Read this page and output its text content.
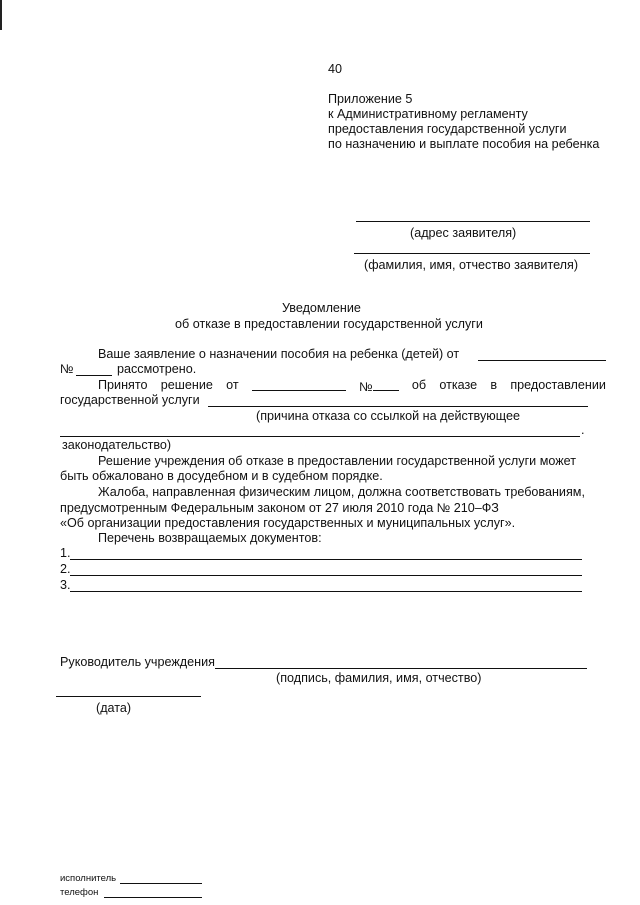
40
Приложение 5
к Административному регламенту
предоставления государственной услуги
по назначению и выплате пособия на ребенка
(адрес заявителя)
(фамилия, имя, отчество заявителя)
Уведомление
об отказе в предоставлении государственной услуги
Ваше заявление о назначении пособия на ребенка (детей) от
№	рассмотрено.
Принято решение от	№	об отказе в предоставлении
государственной услуги
(причина отказа со ссылкой на действующее
.
законодательство)
Решение учреждения об отказе в предоставлении государственной услуги может
быть обжаловано в досудебном и в судебном порядке.
Жалоба, направленная физическим лицом, должна соответствовать требованиям,
предусмотренным Федеральным законом от 27 июля 2010 года № 210–ФЗ
«Об организации предоставления государственных и муниципальных услуг».
Перечень возвращаемых документов:
1.
2.
3.
Руководитель учреждения
(подпись, фамилия, имя, отчество)
(дата)
исполнитель
телефон
